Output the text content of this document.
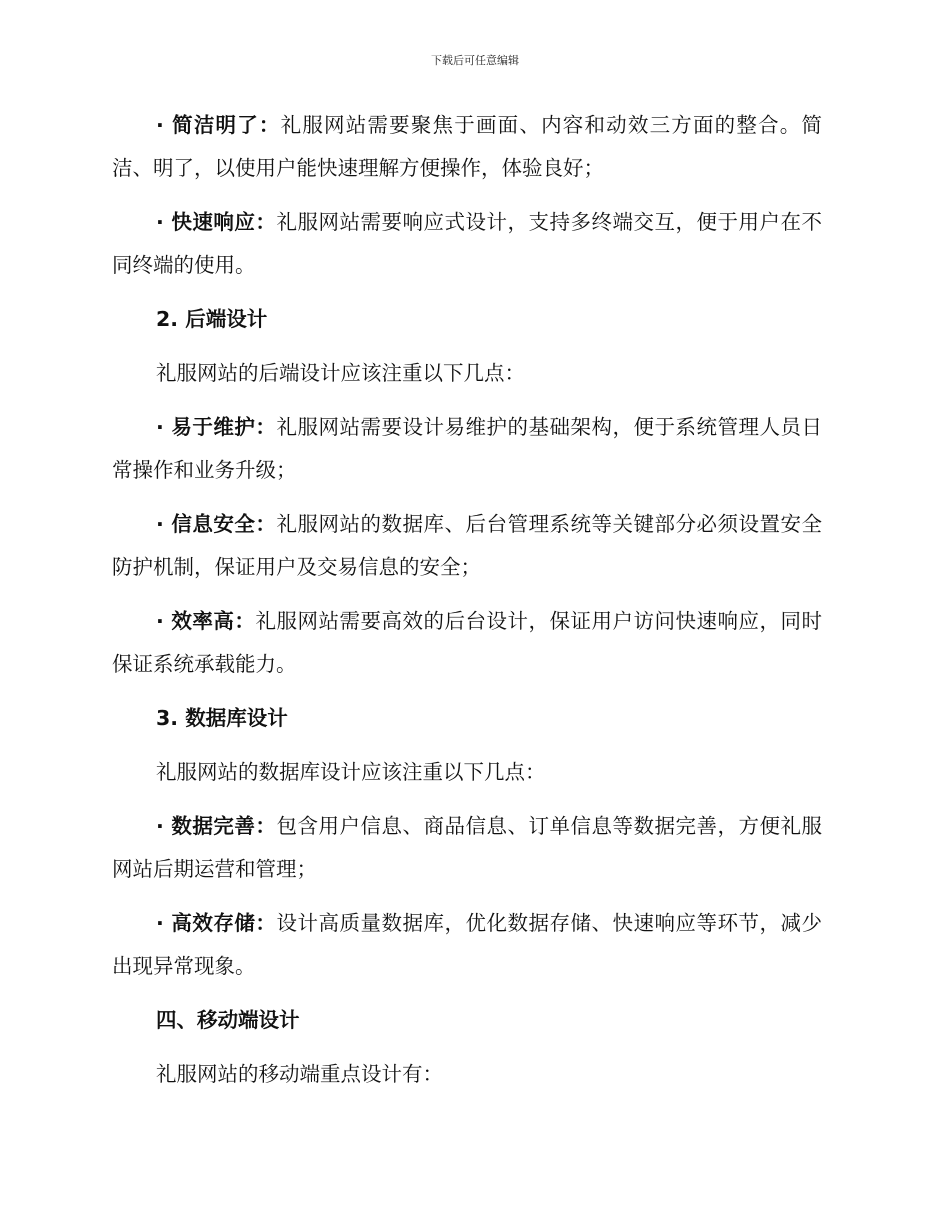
下载后可任意编辑

· 简洁明了：礼服网站需要聚焦于画面、内容和动效三方面的整合。简洁、明了，以使用户能快速理解方便操作，体验良好；

· 快速响应：礼服网站需要响应式设计，支持多终端交互，便于用户在不同终端的使用。

2. 后端设计

礼服网站的后端设计应该注重以下几点：

· 易于维护：礼服网站需要设计易维护的基础架构，便于系统管理人员日常操作和业务升级；

· 信息安全：礼服网站的数据库、后台管理系统等关键部分必须设置安全防护机制，保证用户及交易信息的安全；

· 效率高：礼服网站需要高效的后台设计，保证用户访问快速响应，同时保证系统承载能力。

3. 数据库设计

礼服网站的数据库设计应该注重以下几点：

· 数据完善：包含用户信息、商品信息、订单信息等数据完善，方便礼服网站后期运营和管理；

· 高效存储：设计高质量数据库，优化数据存储、快速响应等环节，减少出现异常现象。

四、移动端设计

礼服网站的移动端重点设计有：
